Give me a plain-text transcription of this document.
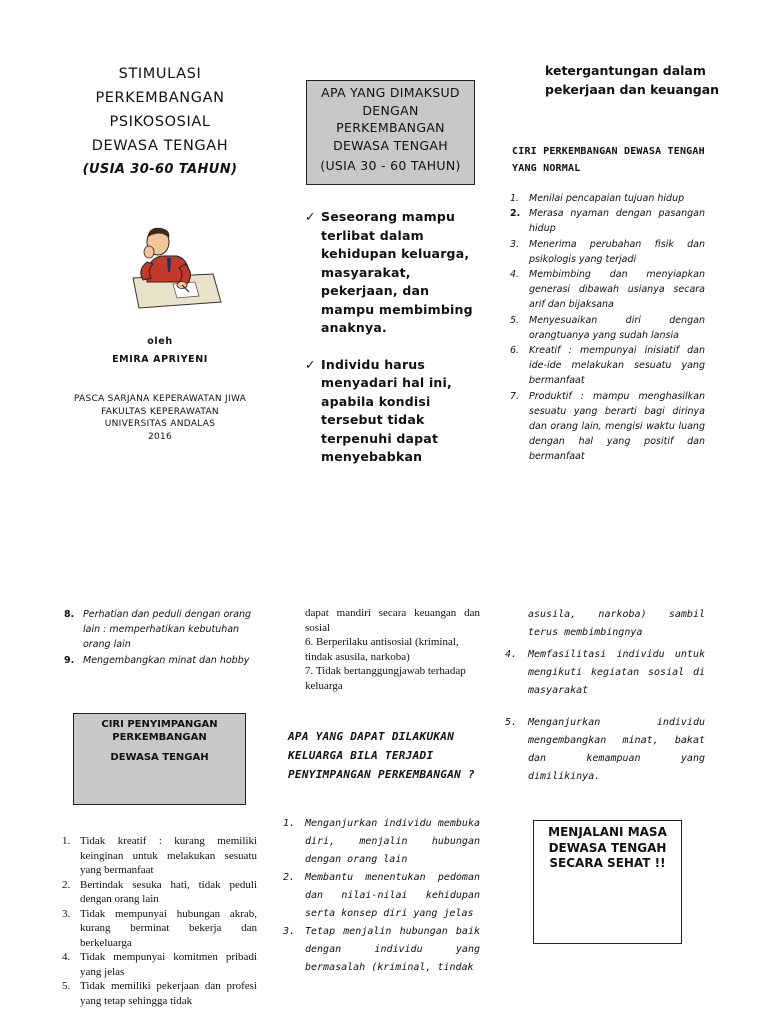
STIMULASI
PERKEMBANGAN
PSIKOSOSIAL
DEWASA TENGAH
(USIA 30-60 TAHUN)
oleh
EMIRA APRIYENI
PASCA SARJANA KEPERAWATAN JIWA
FAKULTAS KEPERAWATAN
UNIVERSITAS ANDALAS
2016
APA YANG DIMAKSUD
DENGAN
PERKEMBANGAN
DEWASA TENGAH
(USIA 30 - 60 TAHUN)
✓ Seseorang mampu terlibat dalam kehidupan keluarga, masyarakat, pekerjaan, dan mampu membimbing anaknya.
✓ Individu harus menyadari hal ini, apabila kondisi tersebut tidak terpenuhi dapat menyebabkan
ketergantungan dalam pekerjaan dan keuangan
CIRI PERKEMBANGAN DEWASA TENGAH YANG NORMAL
1. Menilai pencapaian tujuan hidup
2. Merasa nyaman dengan pasangan hidup
3. Menerima perubahan fisik dan psikologis yang terjadi
4. Membimbing dan menyiapkan generasi dibawah usianya secara arif dan bijaksana
5. Menyesuaikan diri dengan orangtuanya yang sudah lansia
6. Kreatif : mempunyai inisiatif dan ide-ide melakukan sesuatu yang bermanfaat
7. Produktif : mampu menghasilkan sesuatu yang berarti bagi dirinya dan orang lain, mengisi waktu luang dengan hal yang positif dan bermanfaat
8. Perhatian dan peduli dengan orang lain : memperhatikan kebutuhan orang lain
9. Mengembangkan minat dan hobby
CIRI PENYIMPANGAN
PERKEMBANGAN
DEWASA TENGAH
1. Tidak kreatif : kurang memiliki keinginan untuk melakukan sesuatu yang bermanfaat
2. Bertindak sesuka hati, tidak peduli dengan orang lain
3. Tidak mempunyai hubungan akrab, kurang berminat bekerja dan berkeluarga
4. Tidak mempunyai komitmen pribadi yang jelas
5. Tidak memiliki pekerjaan dan profesi yang tetap sehingga tidak
dapat mandiri secara keuangan dan sosial
6. Berperilaku antisosial (kriminal, tindak asusila, narkoba)
7. Tidak bertanggungjawab terhadap keluarga
APA YANG DAPAT DILAKUKAN KELUARGA BILA TERJADI PENYIMPANGAN PERKEMBANGAN ?
1. Menganjurkan individu membuka diri, menjalin hubungan dengan orang lain
2. Membantu menentukan pedoman dan nilai-nilai kehidupan serta konsep diri yang jelas
3. Tetap menjalin hubungan baik dengan individu yang bermasalah (kriminal, tindak
asusila, narkoba) sambil terus membimbingnya
4. Memfasilitasi individu untuk mengikuti kegiatan sosial di masyarakat
5. Menganjurkan individu mengembangkan minat, bakat dan kemampuan yang dimilikinya.
MENJALANI MASA DEWASA TENGAH SECARA SEHAT !!
